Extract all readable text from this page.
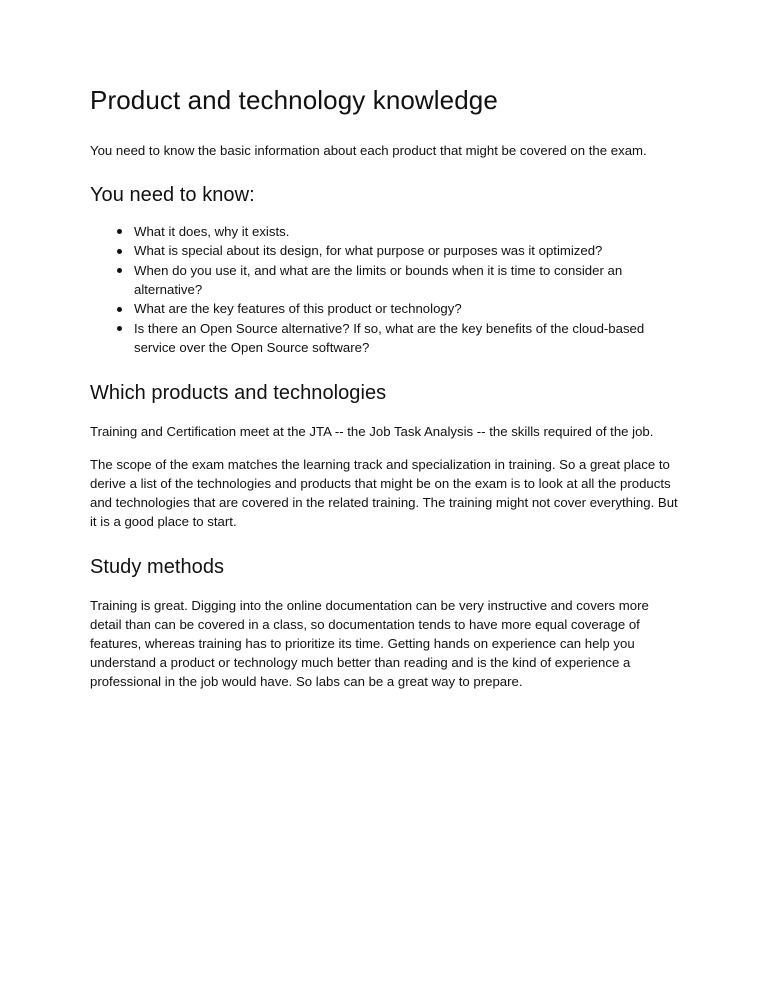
Product and technology knowledge

You need to know the basic information about each product that might be covered on the exam.

You need to know:
What it does, why it exists.
What is special about its design, for what purpose or purposes was it optimized?
When do you use it, and what are the limits or bounds when it is time to consider an alternative?
What are the key features of this product or technology?
Is there an Open Source alternative? If so, what are the key benefits of the cloud-based service over the Open Source software?
Which products and technologies

Training and Certification meet at the JTA -- the Job Task Analysis -- the skills required of the job.

The scope of the exam matches the learning track and specialization in training. So a great place to derive a list of the technologies and products that might be on the exam is to look at all the products and technologies that are covered in the related training. The training might not cover everything. But it is a good place to start.

Study methods

Training is great. Digging into the online documentation can be very instructive and covers more detail than can be covered in a class, so documentation tends to have more equal coverage of features, whereas training has to prioritize its time. Getting hands on experience can help you understand a product or technology much better than reading and is the kind of experience a professional in the job would have. So labs can be a great way to prepare.
